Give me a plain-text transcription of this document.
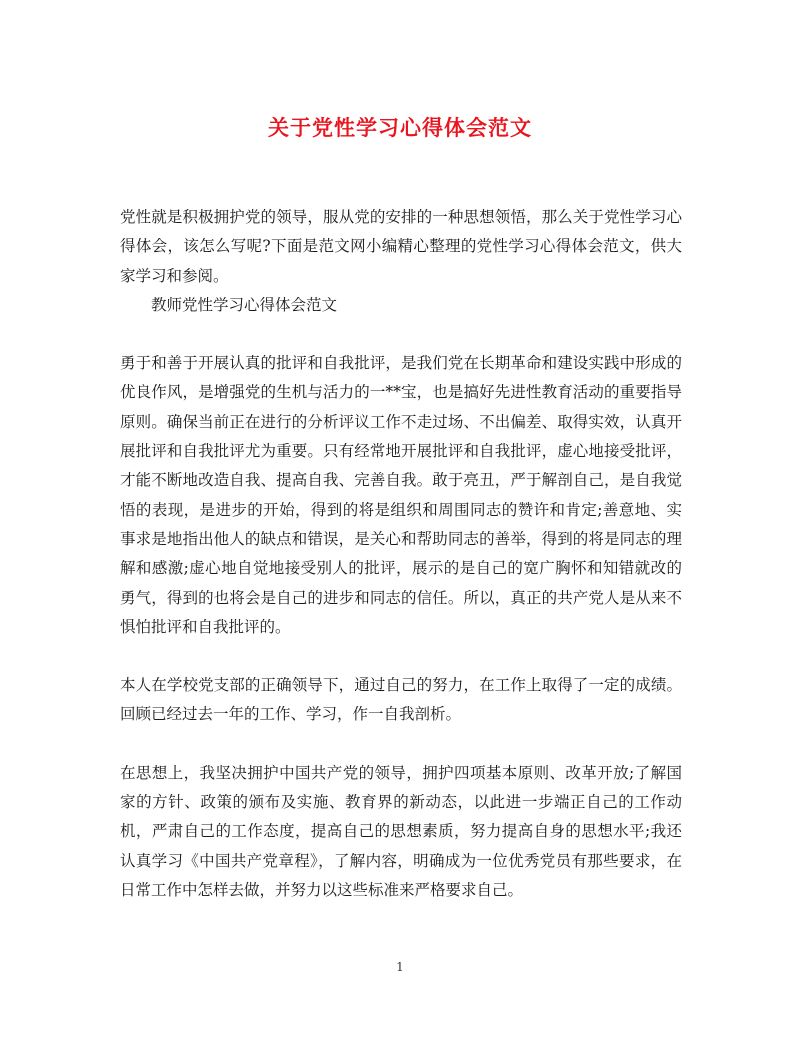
关于党性学习心得体会范文

党性就是积极拥护党的领导，服从党的安排的一种思想领悟，那么关于党性学习心得体会，该怎么写呢?下面是范文网小编精心整理的党性学习心得体会范文，供大家学习和参阅。

教师党性学习心得体会范文

勇于和善于开展认真的批评和自我批评，是我们党在长期革命和建设实践中形成的优良作风，是增强党的生机与活力的一**宝，也是搞好先进性教育活动的重要指导原则。确保当前正在进行的分析评议工作不走过场、不出偏差、取得实效，认真开展批评和自我批评尤为重要。只有经常地开展批评和自我批评，虚心地接受批评，才能不断地改造自我、提高自我、完善自我。敢于亮丑，严于解剖自己，是自我觉悟的表现，是进步的开始，得到的将是组织和周围同志的赞许和肯定;善意地、实事求是地指出他人的缺点和错误，是关心和帮助同志的善举，得到的将是同志的理解和感激;虚心地自觉地接受别人的批评，展示的是自己的宽广胸怀和知错就改的勇气，得到的也将会是自己的进步和同志的信任。所以，真正的共产党人是从来不惧怕批评和自我批评的。

本人在学校党支部的正确领导下，通过自己的努力，在工作上取得了一定的成绩。回顾已经过去一年的工作、学习，作一自我剖析。

在思想上，我坚决拥护中国共产党的领导，拥护四项基本原则、改革开放;了解国家的方针、政策的颁布及实施、教育界的新动态，以此进一步端正自己的工作动机，严肃自己的工作态度，提高自己的思想素质，努力提高自身的思想水平;我还认真学习《中国共产党章程》，了解内容，明确成为一位优秀党员有那些要求，在日常工作中怎样去做，并努力以这些标准来严格要求自己。

1
